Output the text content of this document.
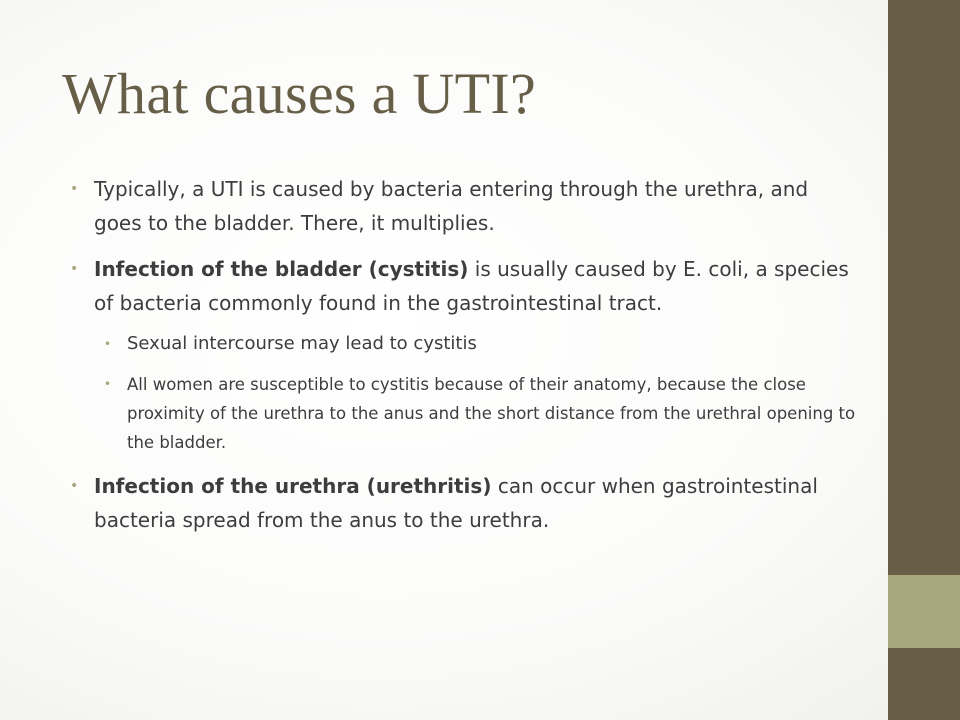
What causes a UTI?
• Typically, a UTI is caused by bacteria entering through the urethra, and goes to the bladder. There, it multiplies.
• Infection of the bladder (cystitis) is usually caused by E. coli, a species of bacteria commonly found in the gastrointestinal tract.
• Sexual intercourse may lead to cystitis
• All women are susceptible to cystitis because of their anatomy, because the close proximity of the urethra to the anus and the short distance from the urethral opening to the bladder.
• Infection of the urethra (urethritis) can occur when gastrointestinal bacteria spread from the anus to the urethra.
